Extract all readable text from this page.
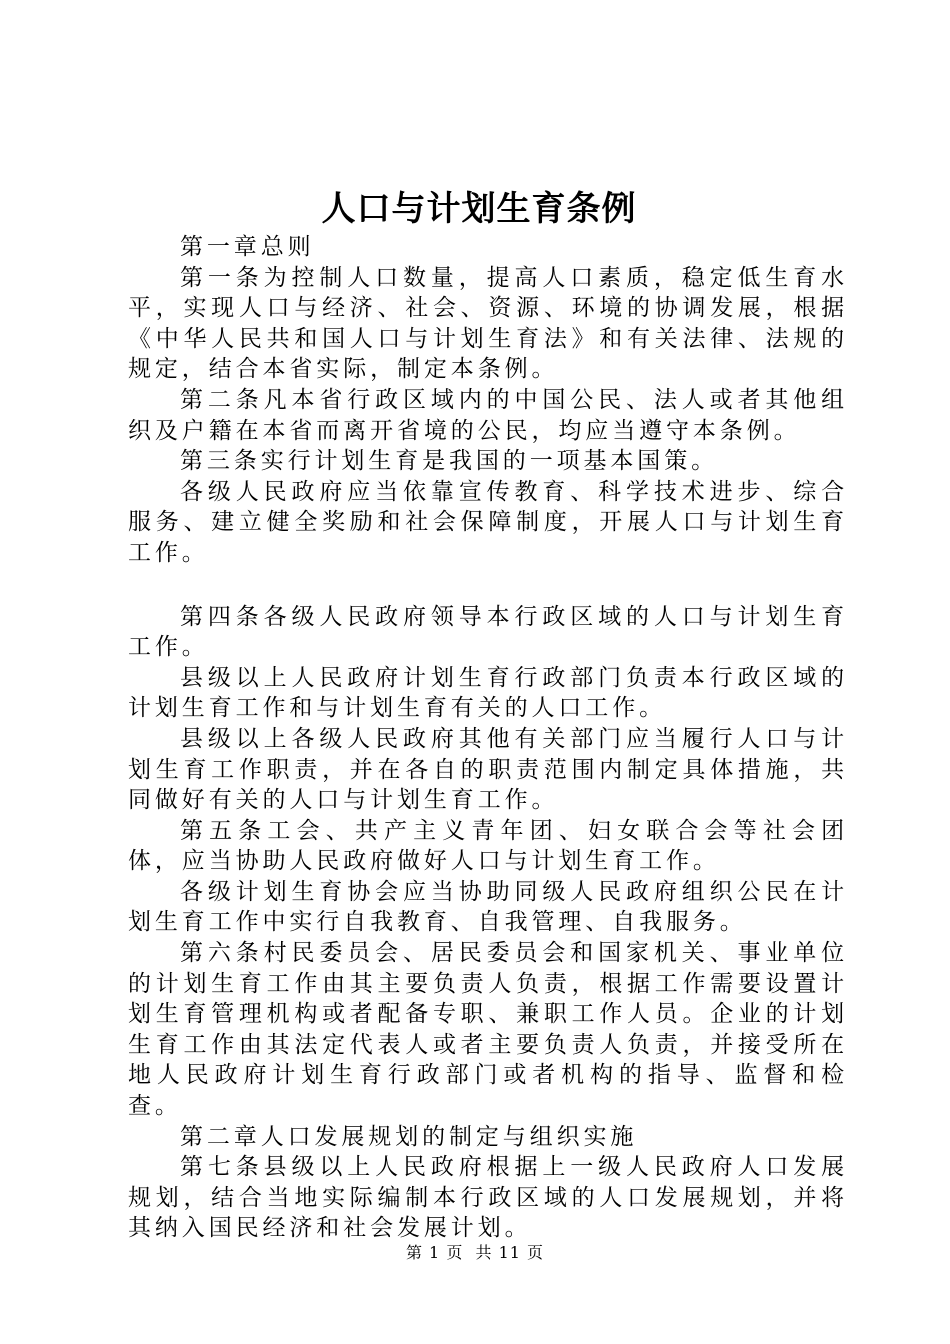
人口与计划生育条例

第一章总则

第一条为控制人口数量，提高人口素质，稳定低生育水平，实现人口与经济、社会、资源、环境的协调发展，根据《中华人民共和国人口与计划生育法》和有关法律、法规的规定，结合本省实际，制定本条例。

第二条凡本省行政区域内的中国公民、法人或者其他组织及户籍在本省而离开省境的公民，均应当遵守本条例。

第三条实行计划生育是我国的一项基本国策。

各级人民政府应当依靠宣传教育、科学技术进步、综合服务、建立健全奖励和社会保障制度，开展人口与计划生育工作。

第四条各级人民政府领导本行政区域的人口与计划生育工作。

县级以上人民政府计划生育行政部门负责本行政区域的计划生育工作和与计划生育有关的人口工作。

县级以上各级人民政府其他有关部门应当履行人口与计划生育工作职责，并在各自的职责范围内制定具体措施，共同做好有关的人口与计划生育工作。

第五条工会、共产主义青年团、妇女联合会等社会团体，应当协助人民政府做好人口与计划生育工作。

各级计划生育协会应当协助同级人民政府组织公民在计划生育工作中实行自我教育、自我管理、自我服务。

第六条村民委员会、居民委员会和国家机关、事业单位的计划生育工作由其主要负责人负责，根据工作需要设置计划生育管理机构或者配备专职、兼职工作人员。企业的计划生育工作由其法定代表人或者主要负责人负责，并接受所在地人民政府计划生育行政部门或者机构的指导、监督和检查。

第二章人口发展规划的制定与组织实施

第七条县级以上人民政府根据上一级人民政府人口发展规划，结合当地实际编制本行政区域的人口发展规划，并将其纳入国民经济和社会发展计划。

第 1 页  共 11 页
